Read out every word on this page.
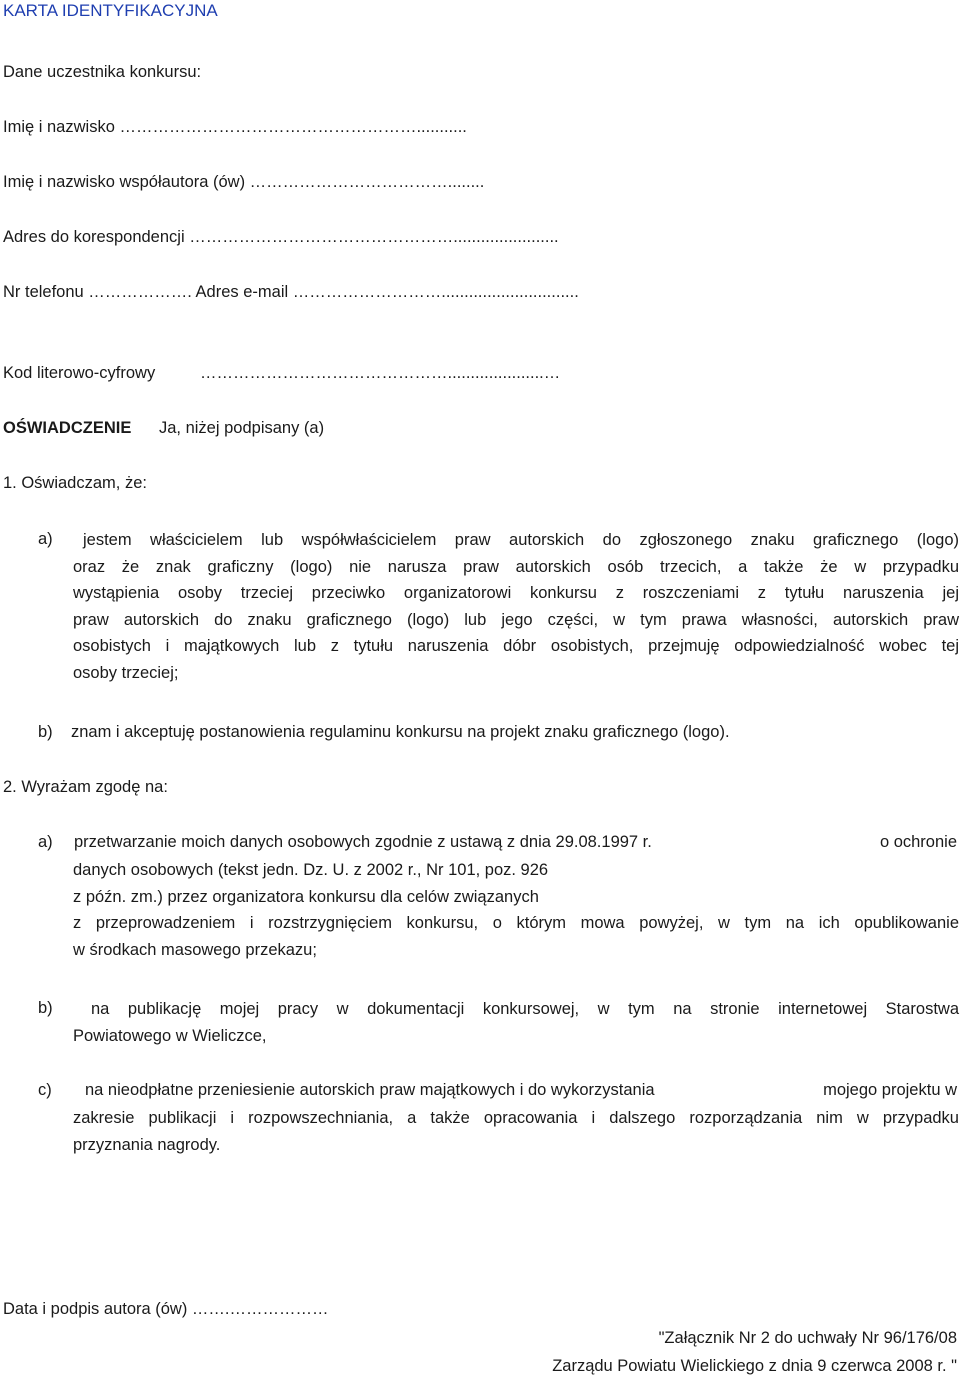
KARTA IDENTYFIKACYJNA
Dane uczestnika konkursu:
Imię i nazwisko ………………………………………………...........
Imię i nazwisko współautora (ów) ………………………………........
Adres do korespondencji ………………………………………….......................
Nr telefonu ………………. Adres e-mail ………………………..............................
Kod literowo-cyfrowy	……………………………………….....................…
OŚWIADCZENIE Ja, niżej podpisany (a)
1. Oświadczam, że:
a)	jestem właścicielem lub współwłaścicielem praw autorskich do zgłoszonego znaku graficznego (logo)
oraz że znak graficzny (logo) nie narusza praw autorskich osób trzecich, a także że w przypadku
wystąpienia osoby trzeciej przeciwko organizatorowi konkursu z roszczeniami z tytułu naruszenia jej
praw autorskich do znaku graficznego (logo) lub jego części, w tym prawa własności, autorskich praw
osobistych i majątkowych lub z tytułu naruszenia dóbr osobistych, przejmuję odpowiedzialność wobec tej
osoby trzeciej;
b) znam i akceptuję postanowienia regulaminu konkursu na projekt znaku graficznego (logo).
2. Wyrażam zgodę na:
a) przetwarzanie moich danych osobowych zgodnie z ustawą z dnia 29.08.1997 r.	o ochronie
danych osobowych (tekst jedn. Dz. U. z 2002 r., Nr 101, poz. 926
z późn. zm.) przez organizatora konkursu dla celów związanych
z przeprowadzeniem i rozstrzygnięciem konkursu, o którym mowa powyżej, w tym na ich opublikowanie
w środkach masowego przekazu;
b)	na publikację mojej pracy w dokumentacji konkursowej, w tym na stronie internetowej Starostwa
Powiatowego w Wieliczce,
c) na nieodpłatne przeniesienie autorskich praw majątkowych i do wykorzystania	mojego projektu w
zakresie publikacji i rozpowszechniania, a także opracowania i dalszego rozporządzania nim w przypadku
przyznania nagrody.
Data i podpis autora (ów) …….………………
"Załącznik Nr 2 do uchwały Nr 96/176/08
Zarządu Powiatu Wielickiego z dnia 9 czerwca 2008 r. "
